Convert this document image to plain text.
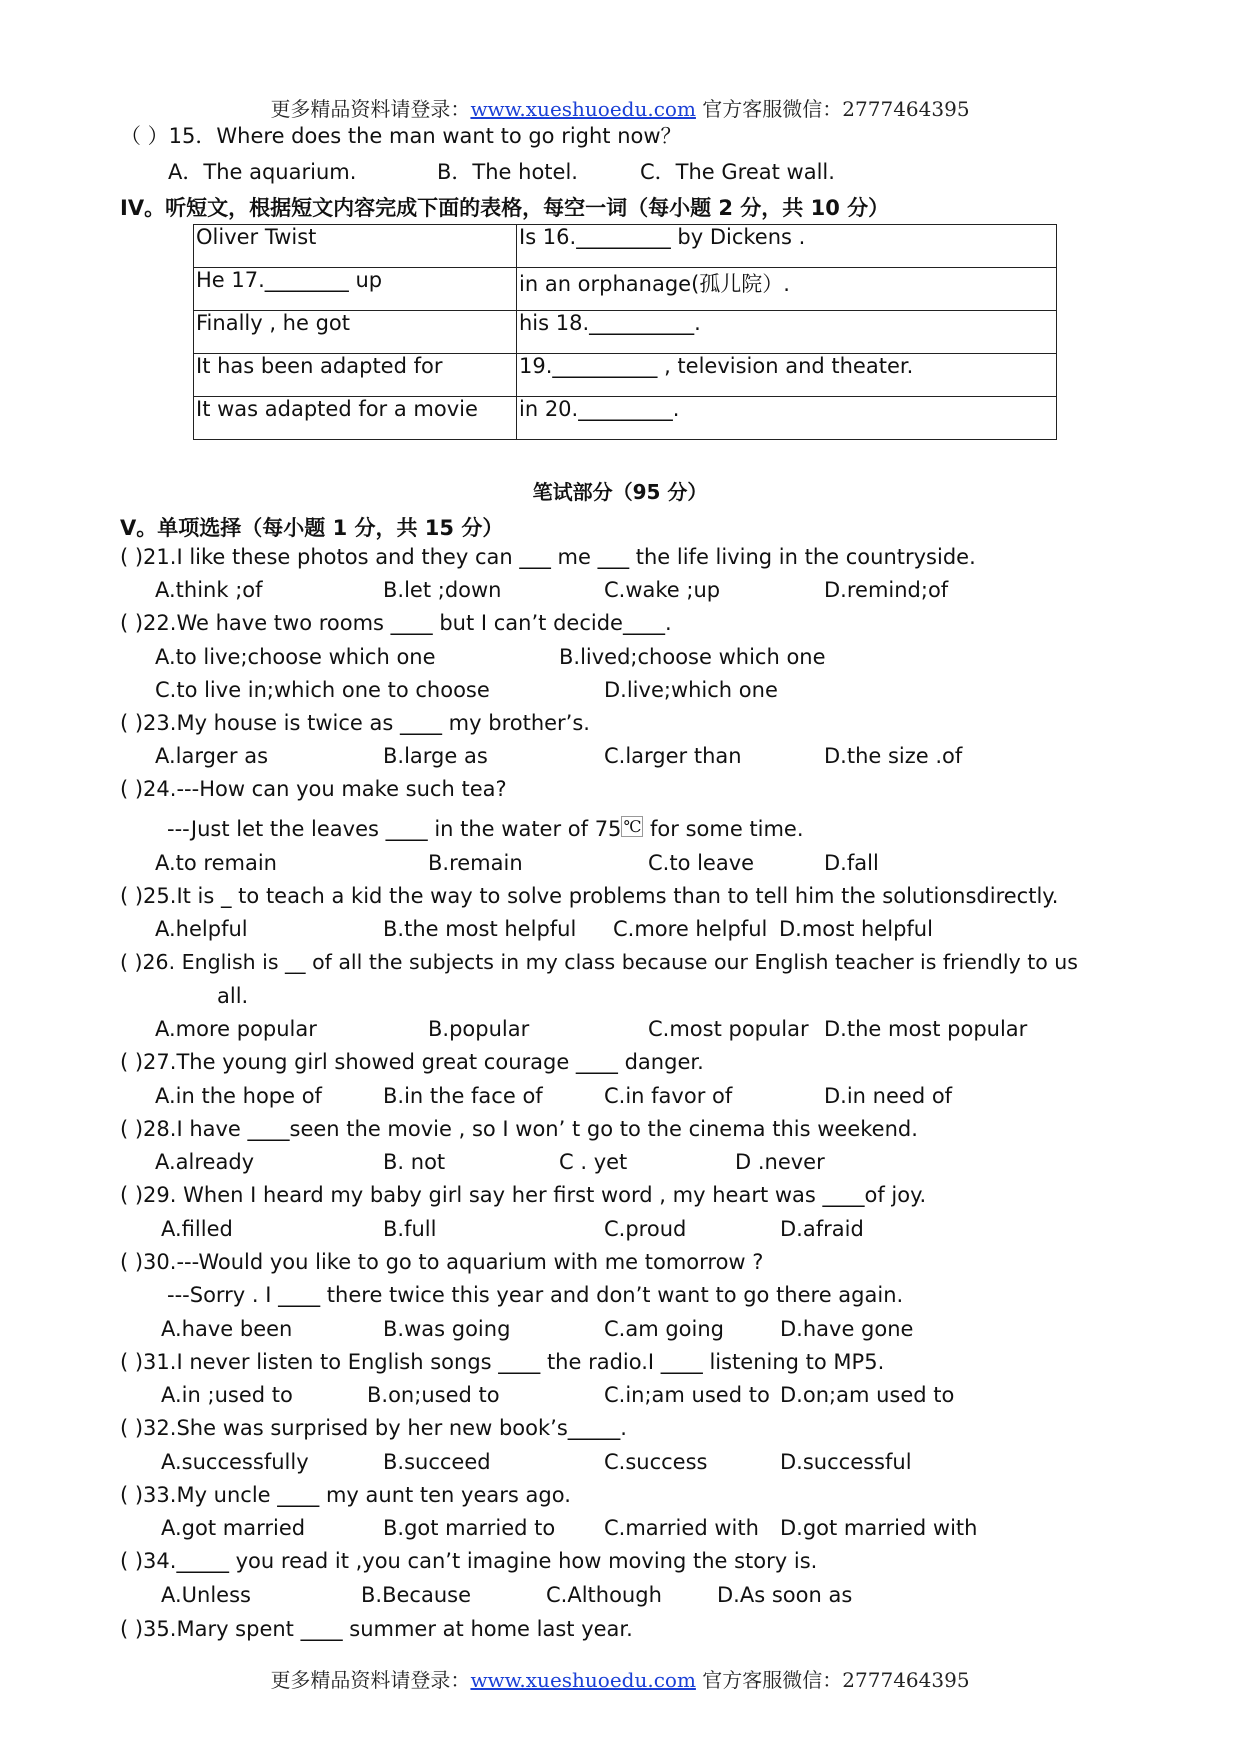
更多精品资料请登录：www.xueshuoedu.com 官方客服微信：2777464395
（ ）15．Where does the man want to go right now？
A．The aquarium.	B．The hotel.	C．The Great wall.
IV。听短文，根据短文内容完成下面的表格，每空一词（每小题 2 分，共 10 分）
Oliver Twist	Is 16._________ by Dickens .
He 17.________ up	in an orphanage(孤儿院）.
Finally , he got	his 18.__________.
It has been adapted for	19.__________ , television and theater.
It was adapted for a movie	in 20._________.
笔试部分（95 分）
V。单项选择（每小题 1 分，共 15 分）
( )21.I like these photos and they can ___ me ___ the life living in the countryside.
A.think ;of	B.let ;down	C.wake ;up	D.remind;of
( )22.We have two rooms ____ but I can’t decide____.
A.to live;choose which one	B.lived;choose which one
C.to live in;which one to choose	D.live;which one
( )23.My house is twice as ____ my brother’s.
A.larger as	B.large as	C.larger than	D.the size .of
( )24.---How can you make such tea?
---Just let the leaves ____ in the water of 75 ℃ for some time.
A.to remain	B.remain	C.to leave	D.fall
( )25.It is _ to teach a kid the way to solve problems than to tell him the solutionsdirectly.
A.helpful	B.the most helpful C.more helpful D.most helpful
( )26. English is __ of all the subjects in my class because our English teacher is friendly to us
all.
A.more popular	B.popular	C.most popular D.the most popular
( )27.The young girl showed great courage ____ danger.
A.in the hope of	B.in the face of	C.in favor of	D.in need of
( )28.I have ____seen the movie , so I won’ t go to the cinema this weekend.
A.already	B. not	C . yet	D .never
( )29. When I heard my baby girl say her first word , my heart was ____of joy.
A.filled	B.full	C.proud	D.afraid
( )30.---Would you like to go to aquarium with me tomorrow ?
---Sorry . I ____ there twice this year and don’t want to go there again.
A.have been	B.was going	C.am going	D.have gone
( )31.I never listen to English songs ____ the radio.I ____ listening to MP5.
A.in ;used to	B.on;used to	C.in;am used to D.on;am used to
( )32.She was surprised by her new book’s_____.
A.successfully	B.succeed	C.success	D.successful
( )33.My uncle ____ my aunt ten years ago.
A.got married	B.got married to C.married with D.got married with
( )34._____ you read it ,you can’t imagine how moving the story is.
A.Unless	B.Because	C.Although	D.As soon as
( )35.Mary spent ____ summer at home last year.
更多精品资料请登录：www.xueshuoedu.com 官方客服微信：2777464395
